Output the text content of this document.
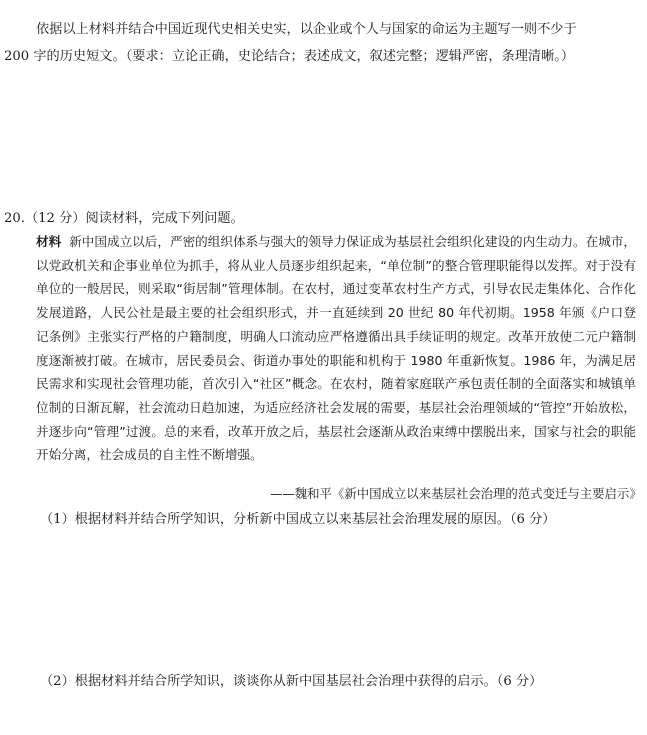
依据以上材料并结合中国近现代史相关史实，以企业或个人与国家的命运为主题写一则不少于
200 字的历史短文。（要求：立论正确，史论结合；表述成文，叙述完整；逻辑严密，条理清晰。）
20.（12 分）阅读材料，完成下列问题。
材料 新中国成立以后，严密的组织体系与强大的领导力保证成为基层社会组织化建设的内生动力。在城市，以党政机关和企事业单位为抓手，将从业人员逐步组织起来，“单位制”的整合管理职能得以发挥。对于没有单位的一般居民，则采取“街居制”管理体制。在农村，通过变革农村生产方式，引导农民走集体化、合作化发展道路，人民公社是最主要的社会组织形式，并一直延续到 20 世纪 80 年代初期。1958 年颁《户口登记条例》主张实行严格的户籍制度，明确人口流动应严格遵循出具手续证明的规定。改革开放使二元户籍制度逐渐被打破。在城市，居民委员会、街道办事处的职能和机构于 1980 年重新恢复。1986 年，为满足居民需求和实现社会管理功能，首次引入“社区”概念。在农村，随着家庭联产承包责任制的全面落实和城镇单位制的日渐瓦解，社会流动日趋加速，为适应经济社会发展的需要，基层社会治理领域的“管控”开始放松，并逐步向“管理”过渡。总的来看，改革开放之后，基层社会逐渐从政治束缚中摆脱出来，国家与社会的职能开始分离，社会成员的自主性不断增强。
——魏和平《新中国成立以来基层社会治理的范式变迁与主要启示》
（1）根据材料并结合所学知识，分析新中国成立以来基层社会治理发展的原因。（6 分）
（2）根据材料并结合所学知识，谈谈你从新中国基层社会治理中获得的启示。（6 分）
